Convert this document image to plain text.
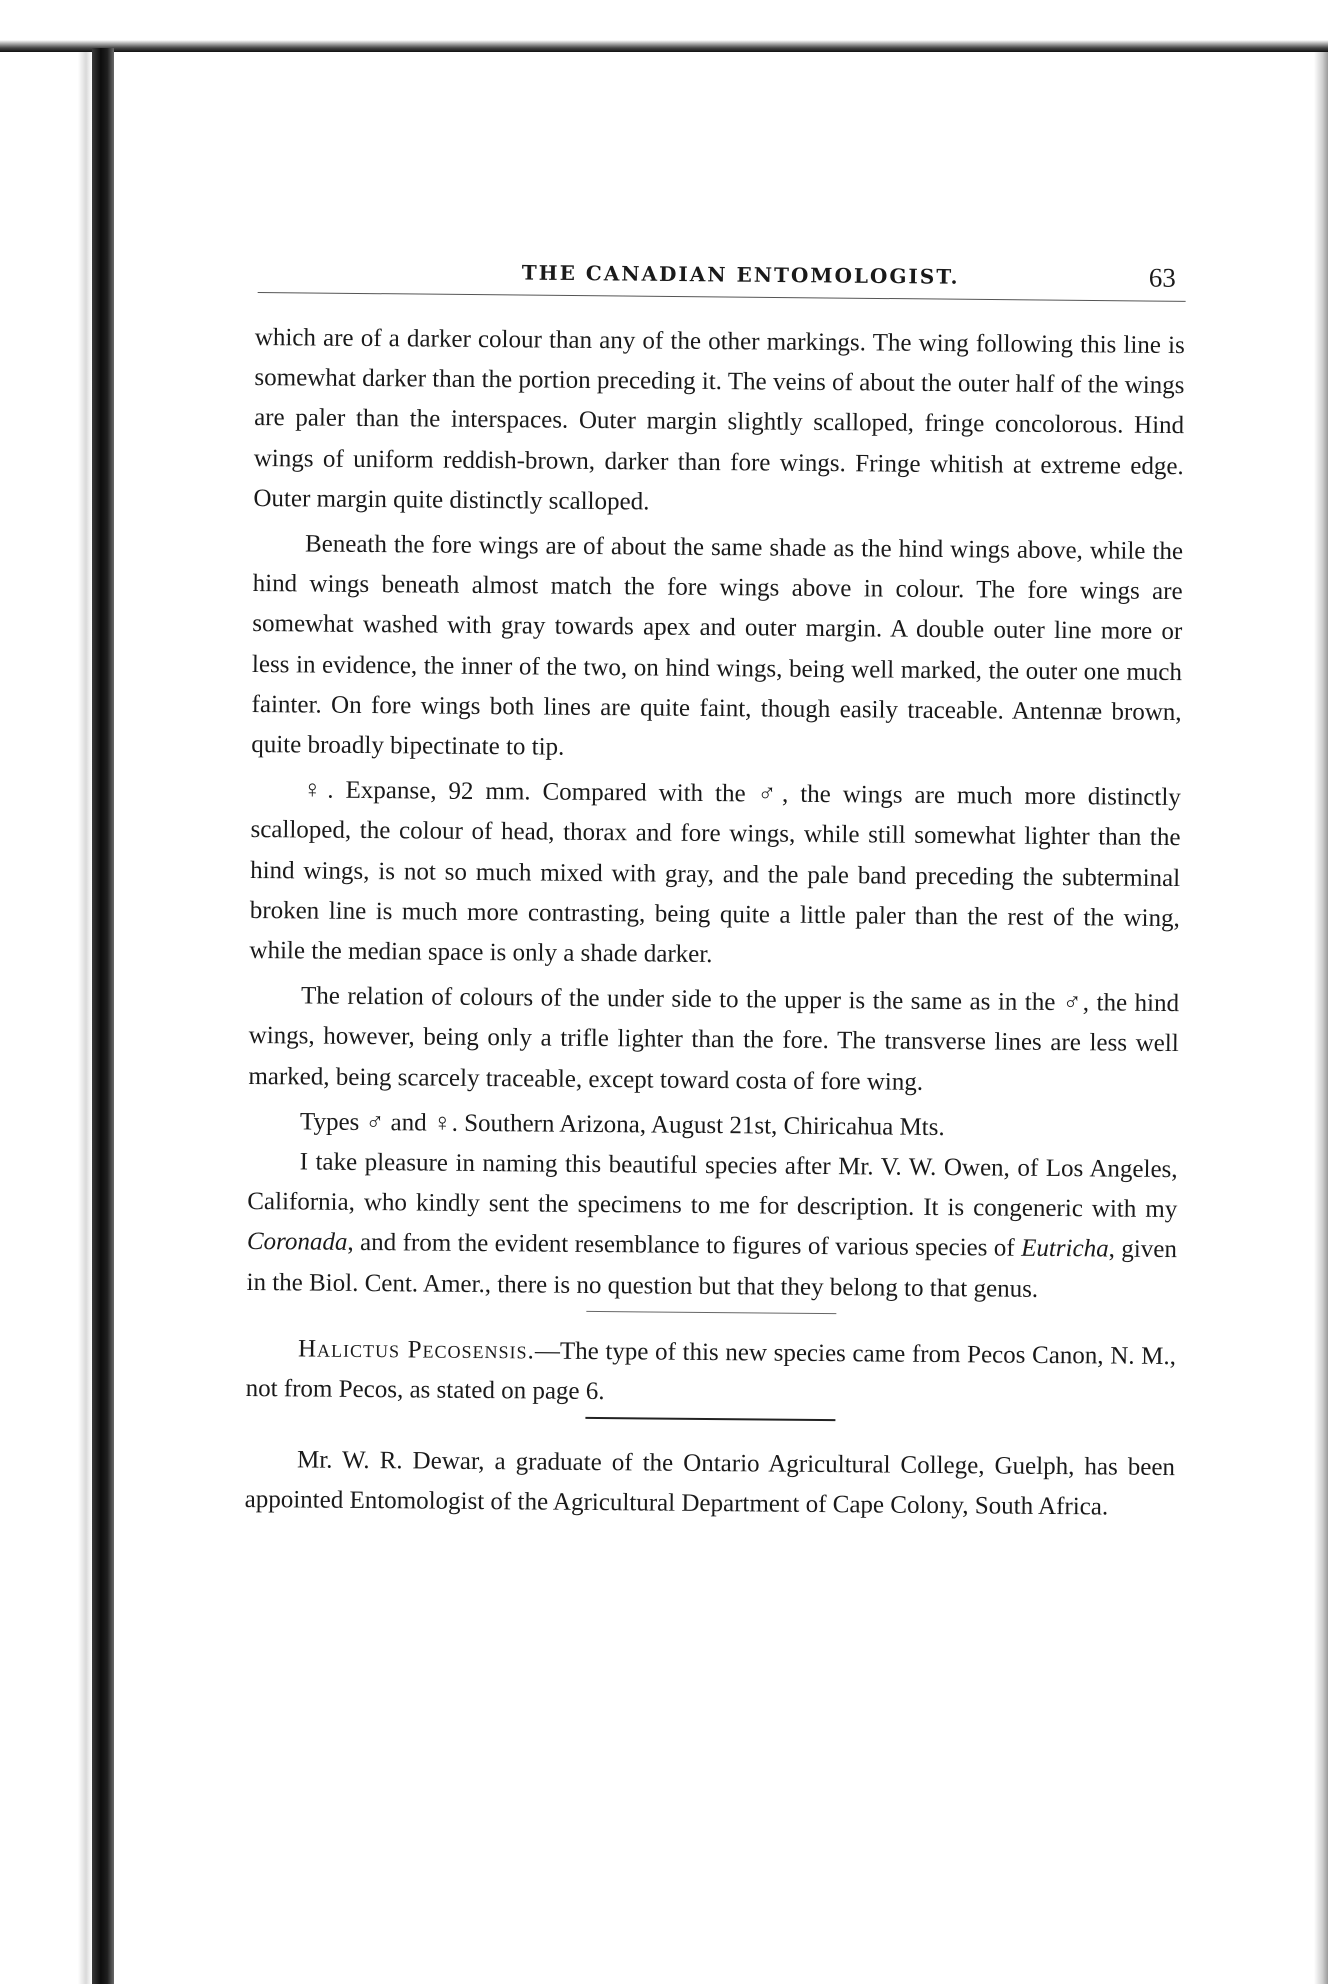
THE CANADIAN ENTOMOLOGIST.	63

which are of a darker colour than any of the other markings. The wing following this line is somewhat darker than the portion preceding it. The veins of about the outer half of the wings are paler than the interspaces. Outer margin slightly scalloped, fringe concolorous. Hind wings of uniform reddish-brown, darker than fore wings. Fringe whitish at extreme edge. Outer margin quite distinctly scalloped.

Beneath the fore wings are of about the same shade as the hind wings above, while the hind wings beneath almost match the fore wings above in colour. The fore wings are somewhat washed with gray towards apex and outer margin. A double outer line more or less in evidence, the inner of the two, on hind wings, being well marked, the outer one much fainter. On fore wings both lines are quite faint, though easily traceable. Antennæ brown, quite broadly bipectinate to tip.

♀. Expanse, 92 mm. Compared with the ♂, the wings are much more distinctly scalloped, the colour of head, thorax and fore wings, while still somewhat lighter than the hind wings, is not so much mixed with gray, and the pale band preceding the subterminal broken line is much more contrasting, being quite a little paler than the rest of the wing, while the median space is only a shade darker.

The relation of colours of the under side to the upper is the same as in the ♂, the hind wings, however, being only a trifle lighter than the fore. The transverse lines are less well marked, being scarcely traceable, except toward costa of fore wing.

Types ♂ and ♀. Southern Arizona, August 21st, Chiricahua Mts.

I take pleasure in naming this beautiful species after Mr. V. W. Owen, of Los Angeles, California, who kindly sent the specimens to me for description. It is congeneric with my Coronada, and from the evident resemblance to figures of various species of Eutricha, given in the Biol. Cent. Amer., there is no question but that they belong to that genus.

Halictus Pecosensis.—The type of this new species came from Pecos Canon, N. M., not from Pecos, as stated on page 6.

Mr. W. R. Dewar, a graduate of the Ontario Agricultural College, Guelph, has been appointed Entomologist of the Agricultural Department of Cape Colony, South Africa.
